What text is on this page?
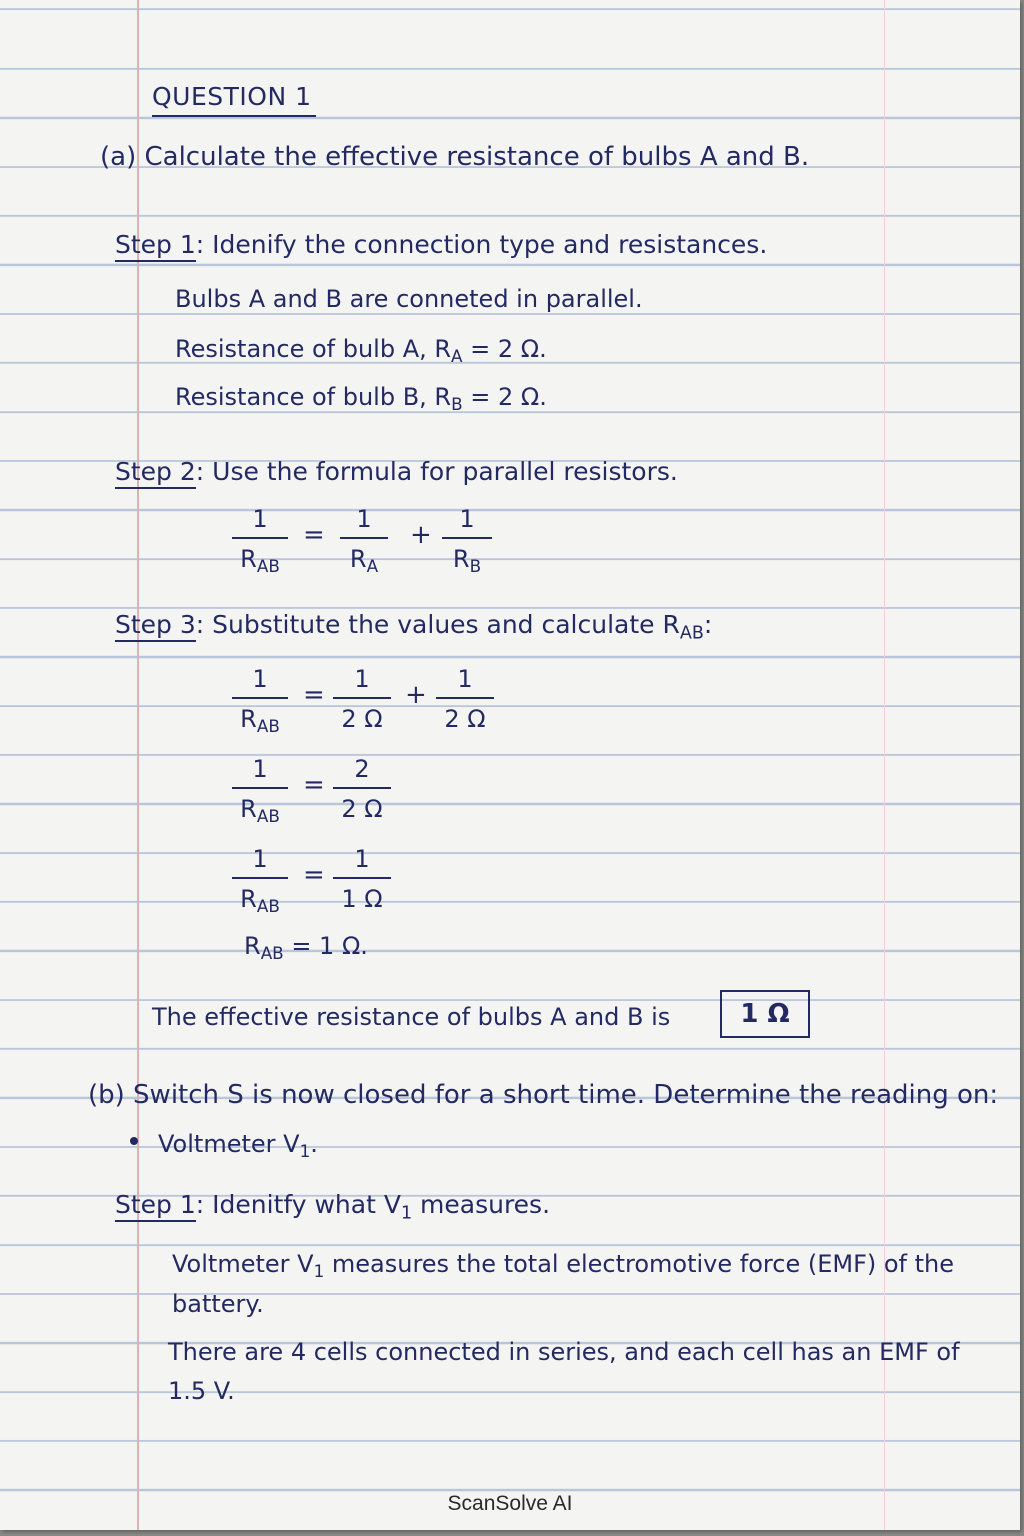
QUESTION 1
(a) Calculate the effective resistance of bulbs A and B.
Step 1: Idenify the connection type and resistances.
Bulbs A and B are conneted in parallel.
Resistance of bulb A, $R_A = 2$ Ω.
Resistance of bulb B, $R_B = 2$ Ω.
Step 2: Use the formula for parallel resistors.
1
$R_{AB}$
=
1
$R_A$
+
1
$R_B$
Step 3: Substitute the values and calculate $R_{AB}$:
1
$R_{AB}$
=
1
2 Ω
+
1
2 Ω
1
$R_{AB}$
=
2
2 Ω
1
$R_{AB}$
=
1
1 Ω
$R_{AB} = 1$ Ω.
The effective resistance of bulbs A and B is	1 Ω
(b) Switch S is now closed for a short time. Determine the reading on:
Voltmeter $V_1$.
Step 1: Idenitfy what $V_1$ measures.
Voltmeter $V_1$ measures the total electromotive force (EMF) of the
battery.
There are 4 cells connected in series, and each cell has an EMF of
1.5 V.
ScanSolve AI
